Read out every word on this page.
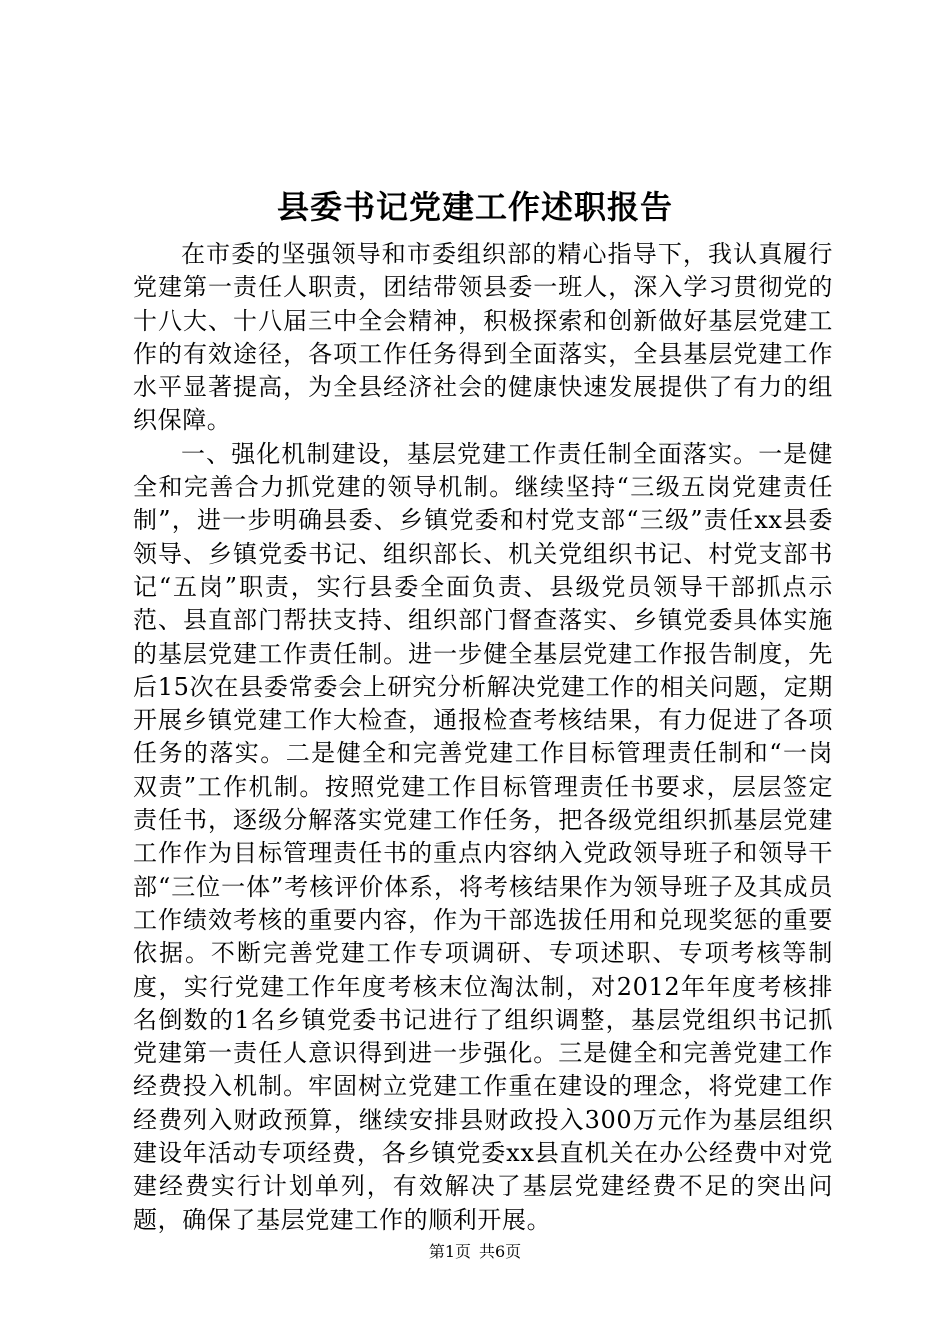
县委书记党建工作述职报告

在市委的坚强领导和市委组织部的精心指导下，我认真履行党建第一责任人职责，团结带领县委一班人，深入学习贯彻党的十八大、十八届三中全会精神，积极探索和创新做好基层党建工作的有效途径，各项工作任务得到全面落实，全县基层党建工作水平显著提高，为全县经济社会的健康快速发展提供了有力的组织保障。

一、强化机制建设，基层党建工作责任制全面落实。一是健全和完善合力抓党建的领导机制。继续坚持“三级五岗党建责任制”，进一步明确县委、乡镇党委和村党支部“三级”责任xx县委领导、乡镇党委书记、组织部长、机关党组织书记、村党支部书记“五岗”职责，实行县委全面负责、县级党员领导干部抓点示范、县直部门帮扶支持、组织部门督查落实、乡镇党委具体实施的基层党建工作责任制。进一步健全基层党建工作报告制度，先后15次在县委常委会上研究分析解决党建工作的相关问题，定期开展乡镇党建工作大检查，通报检查考核结果，有力促进了各项任务的落实。二是健全和完善党建工作目标管理责任制和“一岗双责”工作机制。按照党建工作目标管理责任书要求，层层签定责任书，逐级分解落实党建工作任务，把各级党组织抓基层党建工作作为目标管理责任书的重点内容纳入党政领导班子和领导干部“三位一体”考核评价体系，将考核结果作为领导班子及其成员工作绩效考核的重要内容，作为干部选拔任用和兑现奖惩的重要依据。不断完善党建工作专项调研、专项述职、专项考核等制度，实行党建工作年度考核末位淘汰制，对2012年年度考核排名倒数的1名乡镇党委书记进行了组织调整，基层党组织书记抓党建第一责任人意识得到进一步强化。三是健全和完善党建工作经费投入机制。牢固树立党建工作重在建设的理念，将党建工作经费列入财政预算，继续安排县财政投入300万元作为基层组织建设年活动专项经费，各乡镇党委xx县直机关在办公经费中对党建经费实行计划单列，有效解决了基层党建经费不足的突出问题，确保了基层党建工作的顺利开展。

第1页 共6页
